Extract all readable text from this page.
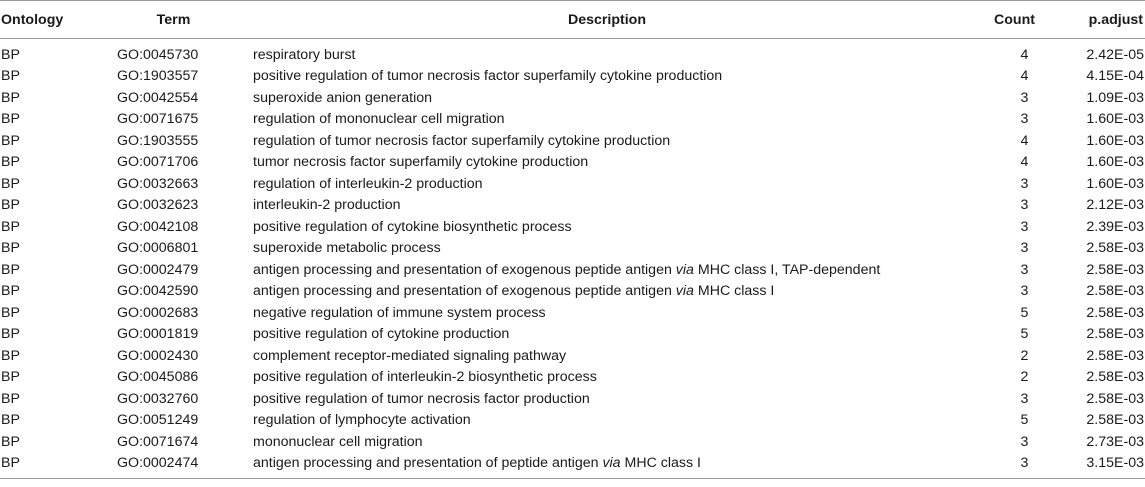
Ontology	Term	Description	Count	p.adjust
BP	GO:0045730	respiratory burst	4	2.42E-05
BP	GO:1903557	positive regulation of tumor necrosis factor superfamily cytokine production	4	4.15E-04
BP	GO:0042554	superoxide anion generation	3	1.09E-03
BP	GO:0071675	regulation of mononuclear cell migration	3	1.60E-03
BP	GO:1903555	regulation of tumor necrosis factor superfamily cytokine production	4	1.60E-03
BP	GO:0071706	tumor necrosis factor superfamily cytokine production	4	1.60E-03
BP	GO:0032663	regulation of interleukin-2 production	3	1.60E-03
BP	GO:0032623	interleukin-2 production	3	2.12E-03
BP	GO:0042108	positive regulation of cytokine biosynthetic process	3	2.39E-03
BP	GO:0006801	superoxide metabolic process	3	2.58E-03
BP	GO:0002479	antigen processing and presentation of exogenous peptide antigen via MHC class I, TAP-dependent	3	2.58E-03
BP	GO:0042590	antigen processing and presentation of exogenous peptide antigen via MHC class I	3	2.58E-03
BP	GO:0002683	negative regulation of immune system process	5	2.58E-03
BP	GO:0001819	positive regulation of cytokine production	5	2.58E-03
BP	GO:0002430	complement receptor-mediated signaling pathway	2	2.58E-03
BP	GO:0045086	positive regulation of interleukin-2 biosynthetic process	2	2.58E-03
BP	GO:0032760	positive regulation of tumor necrosis factor production	3	2.58E-03
BP	GO:0051249	regulation of lymphocyte activation	5	2.58E-03
BP	GO:0071674	mononuclear cell migration	3	2.73E-03
BP	GO:0002474	antigen processing and presentation of peptide antigen via MHC class I	3	3.15E-03
